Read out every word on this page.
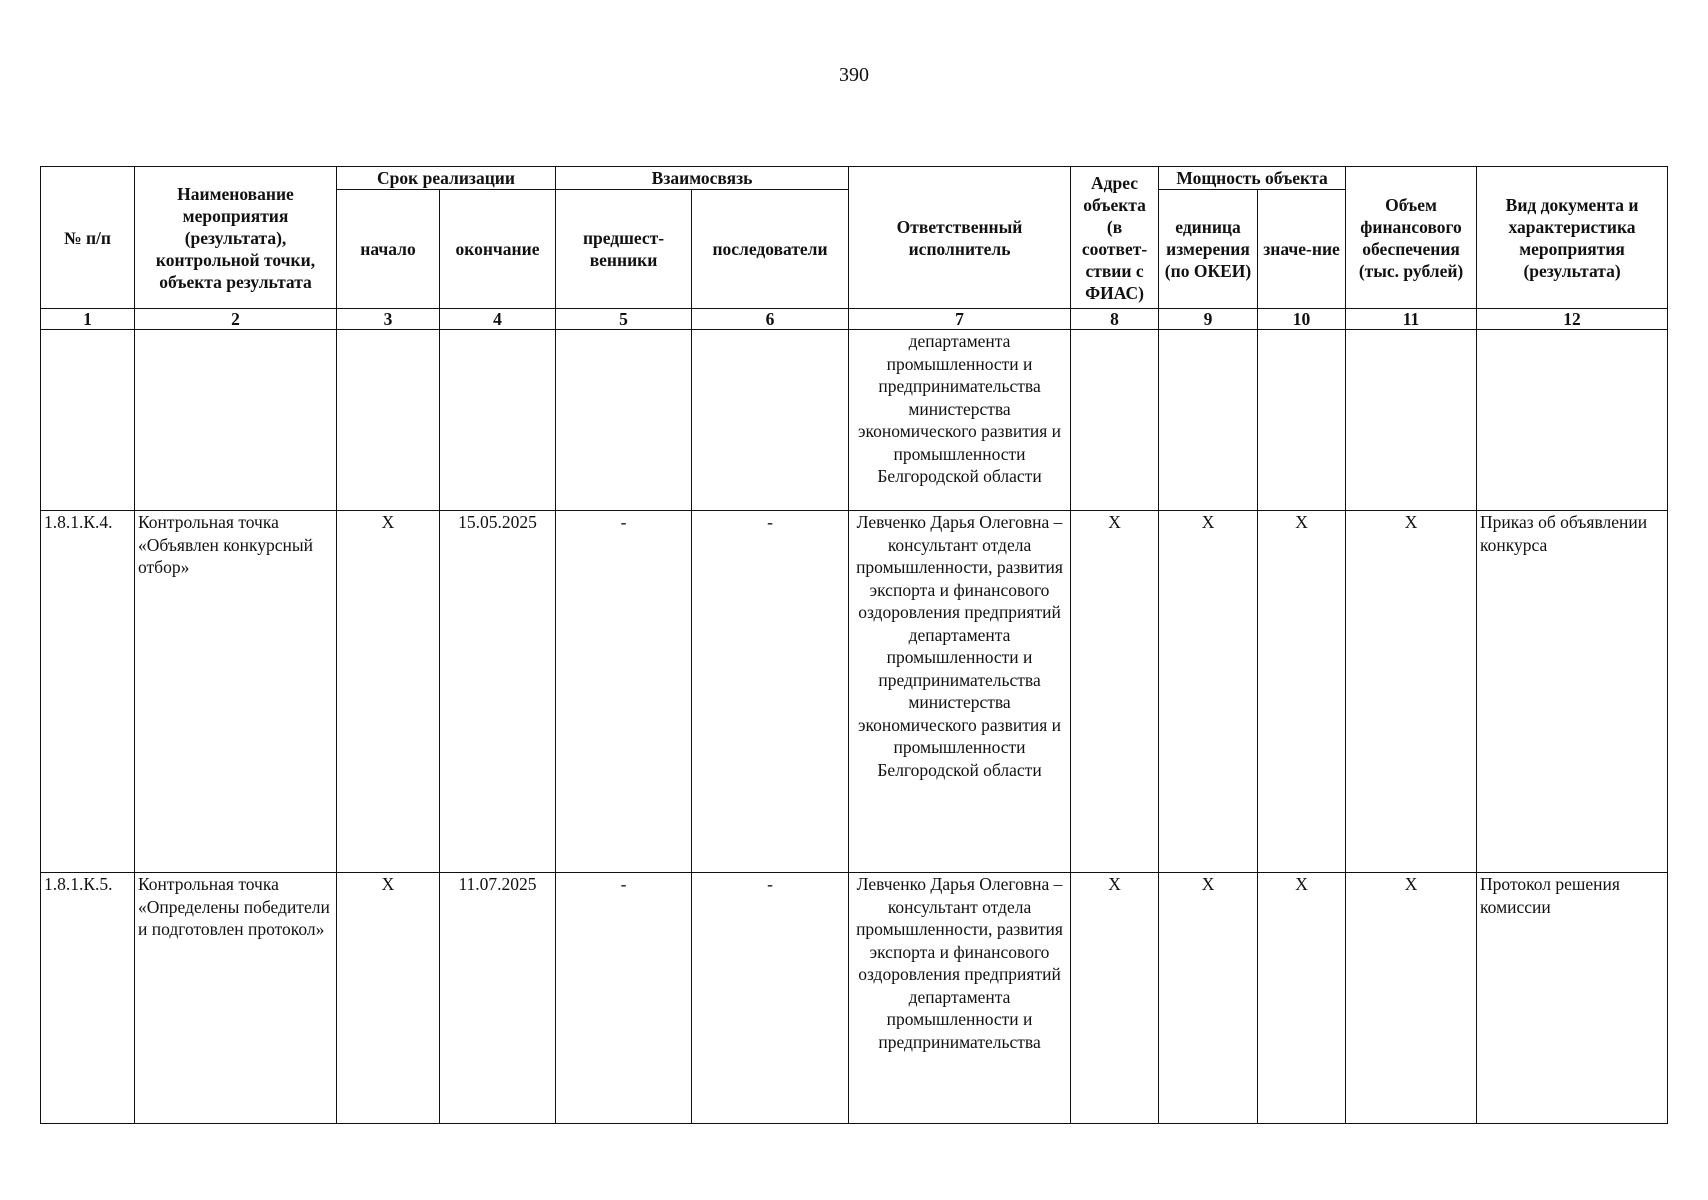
390
№ п/п	Наименование мероприятия (результата), контрольной точки, объекта результата	Срок реализации		Взаимосвязь		Ответственный исполнитель	Адрес объекта (в соответ-ствии с ФИАС)	Мощность объекта		Объем финансового обеспечения (тыс. рублей)	Вид документа и характеристика мероприятия (результата)
		начало	окончание	предшест-венники	последователи			единица измерения (по ОКЕИ)	значе-ние		
1	2	3	4	5	6	7	8	9	10	11	12
						департамента промышленности и предпринимательства министерства экономического развития и промышленности Белгородской области					
1.8.1.К.4.	Контрольная точка «Объявлен конкурсный отбор»	Х	15.05.2025	-	-	Левченко Дарья Олеговна – консультант отдела промышленности, развития экспорта и финансового оздоровления предприятий департамента промышленности и предпринимательства министерства экономического развития и промышленности Белгородской области	Х	Х	Х	Х	Приказ об объявлении конкурса
1.8.1.К.5.	Контрольная точка «Определены победители и подготовлен протокол»	Х	11.07.2025	-	-	Левченко Дарья Олеговна – консультант отдела промышленности, развития экспорта и финансового оздоровления предприятий департамента промышленности и предпринимательства	Х	Х	Х	Х	Протокол решения комиссии
